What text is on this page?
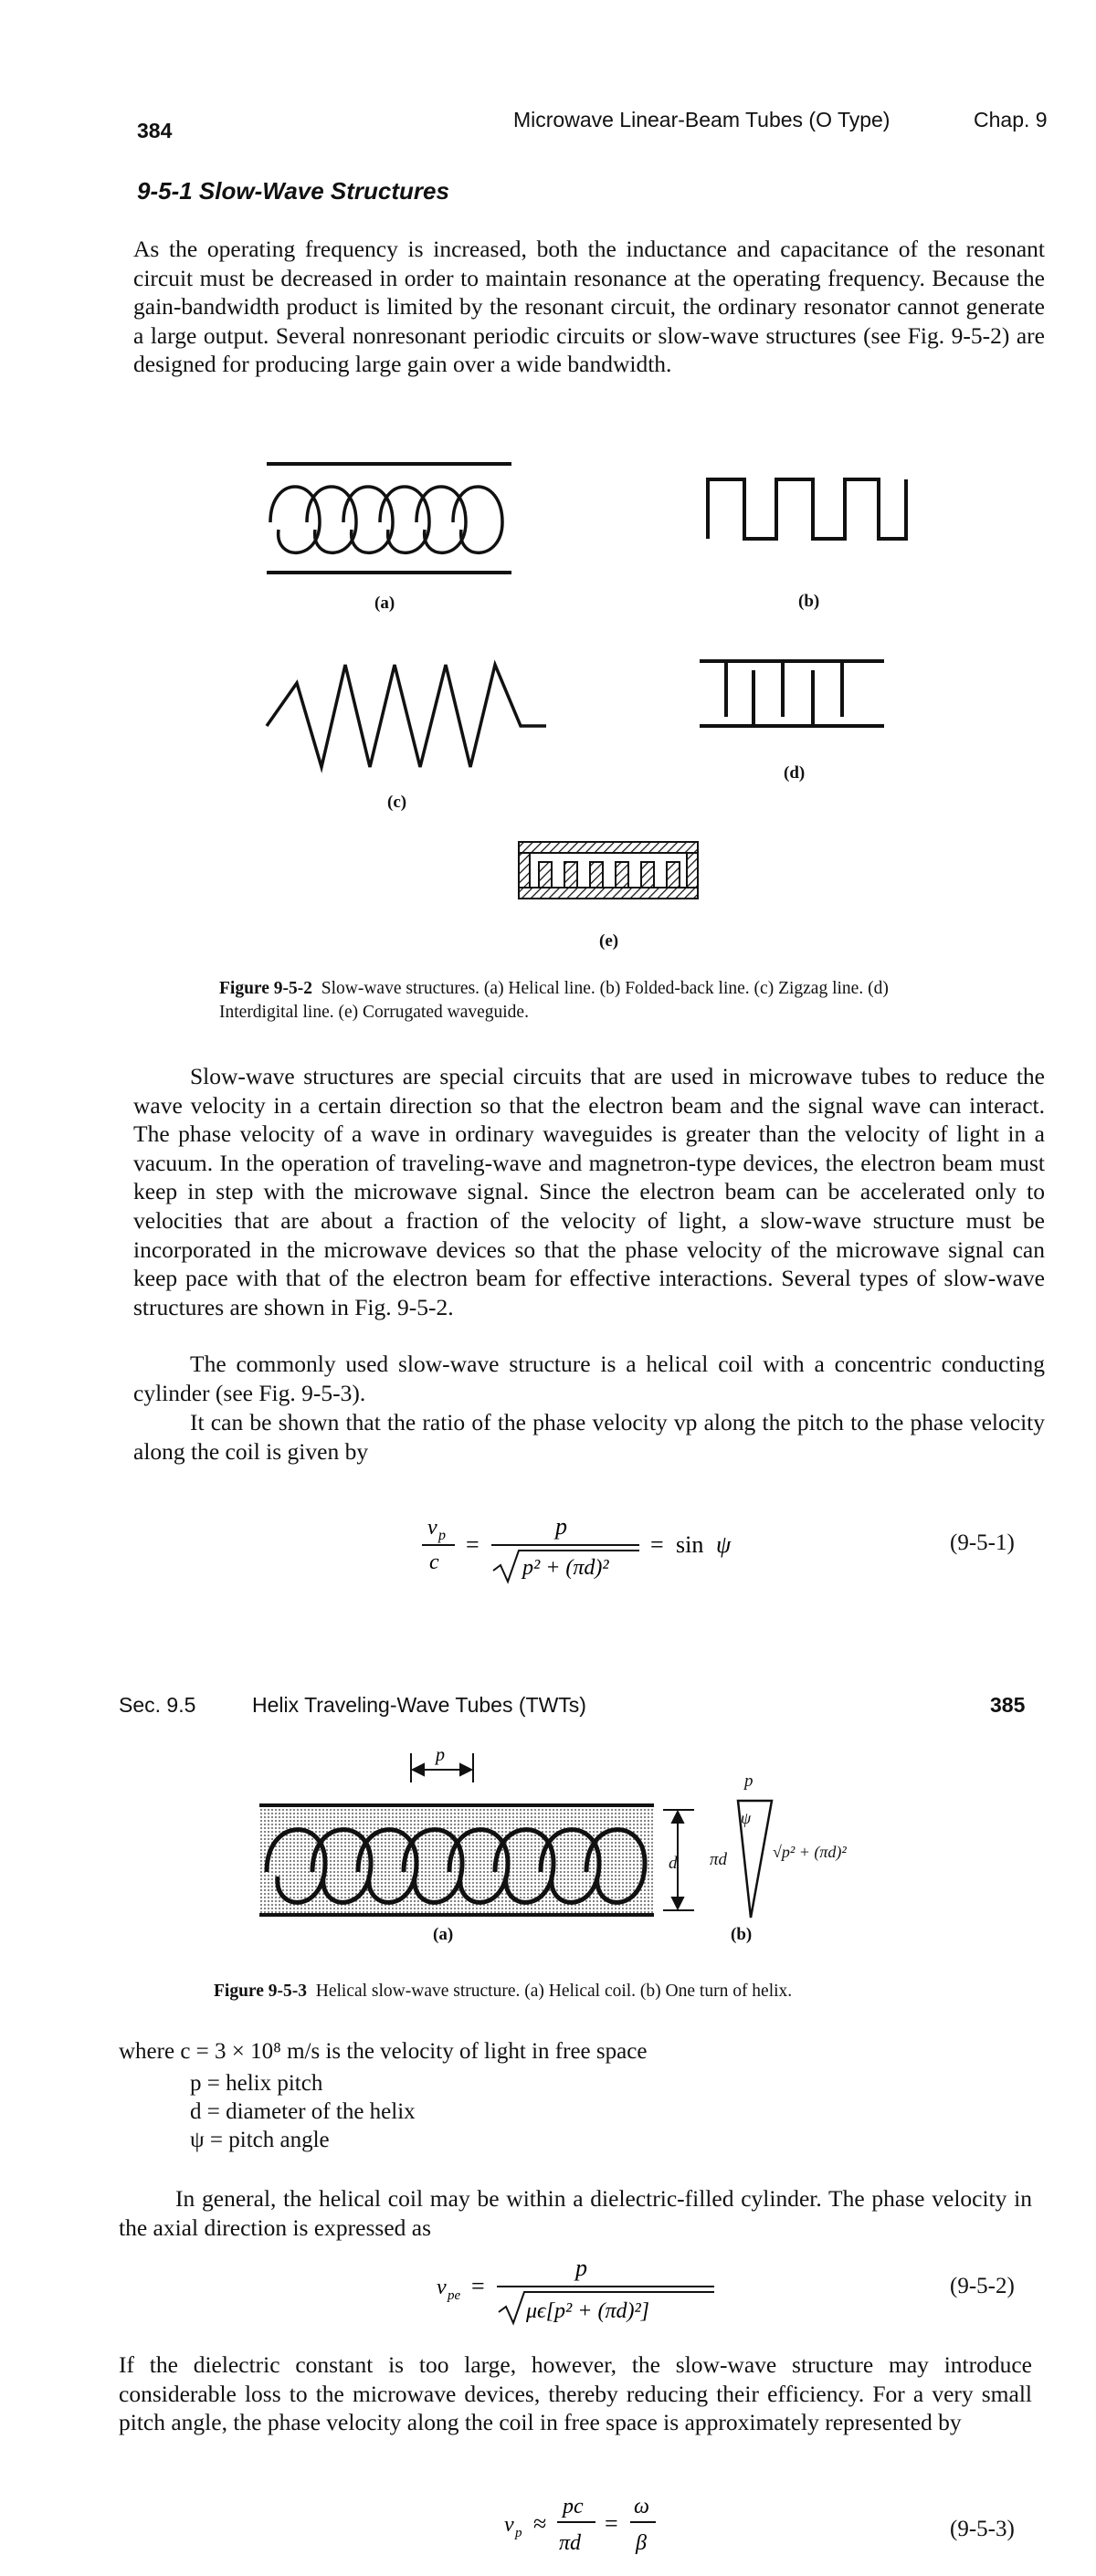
384	Microwave Linear-Beam Tubes (O Type)	Chap. 9
9-5-1 Slow-Wave Structures

As the operating frequency is increased, both the inductance and capacitance of the resonant circuit must be decreased in order to maintain resonance at the operating frequency. Because the gain-bandwidth product is limited by the resonant circuit, the ordinary resonator cannot generate a large output. Several nonresonant periodic circuits or slow-wave structures (see Fig. 9-5-2) are designed for producing large gain over a wide bandwidth.

(a)	(b)
(c)
(d)
(e)
Figure 9-5-2 Slow-wave structures. (a) Helical line. (b) Folded-back line. (c) Zigzag line. (d) Interdigital line. (e) Corrugated waveguide.

Slow-wave structures are special circuits that are used in microwave tubes to reduce the wave velocity in a certain direction so that the electron beam and the signal wave can interact. The phase velocity of a wave in ordinary waveguides is greater than the velocity of light in a vacuum. In the operation of traveling-wave and magnetron-type devices, the electron beam must keep in step with the microwave signal. Since the electron beam can be accelerated only to velocities that are about a fraction of the velocity of light, a slow-wave structure must be incorporated in the microwave devices so that the phase velocity of the microwave signal can keep pace with that of the electron beam for effective interactions. Several types of slow-wave structures are shown in Fig. 9-5-2.

The commonly used slow-wave structure is a helical coil with a concentric conducting cylinder (see Fig. 9-5-3).

It can be shown that the ratio of the phase velocity vp along the pitch to the phase velocity along the coil is given by

v p
c
=
p
p² + (πd)²
= sin ψ	(9-5-1)
Sec. 9.5	Helix Traveling-Wave Tubes (TWTs)	385
p
d
p
πd
ψ
√p² + (πd)²
(a)	(b)
Figure 9-5-3 Helical slow-wave structure. (a) Helical coil. (b) One turn of helix.
where c = 3 × 10⁸ m/s is the velocity of light in free space
p = helix pitch
d = diameter of the helix
ψ = pitch angle

In general, the helical coil may be within a dielectric-filled cylinder. The phase velocity in the axial direction is expressed as

v pe =
p
μϵ[p² + (πd)²]
(9-5-2)

If the dielectric constant is too large, however, the slow-wave structure may introduce considerable loss to the microwave devices, thereby reducing their efficiency. For a very small pitch angle, the phase velocity along the coil in free space is approximately represented by

v p ≈
pc
πd
=
ω
β
(9-5-3)
